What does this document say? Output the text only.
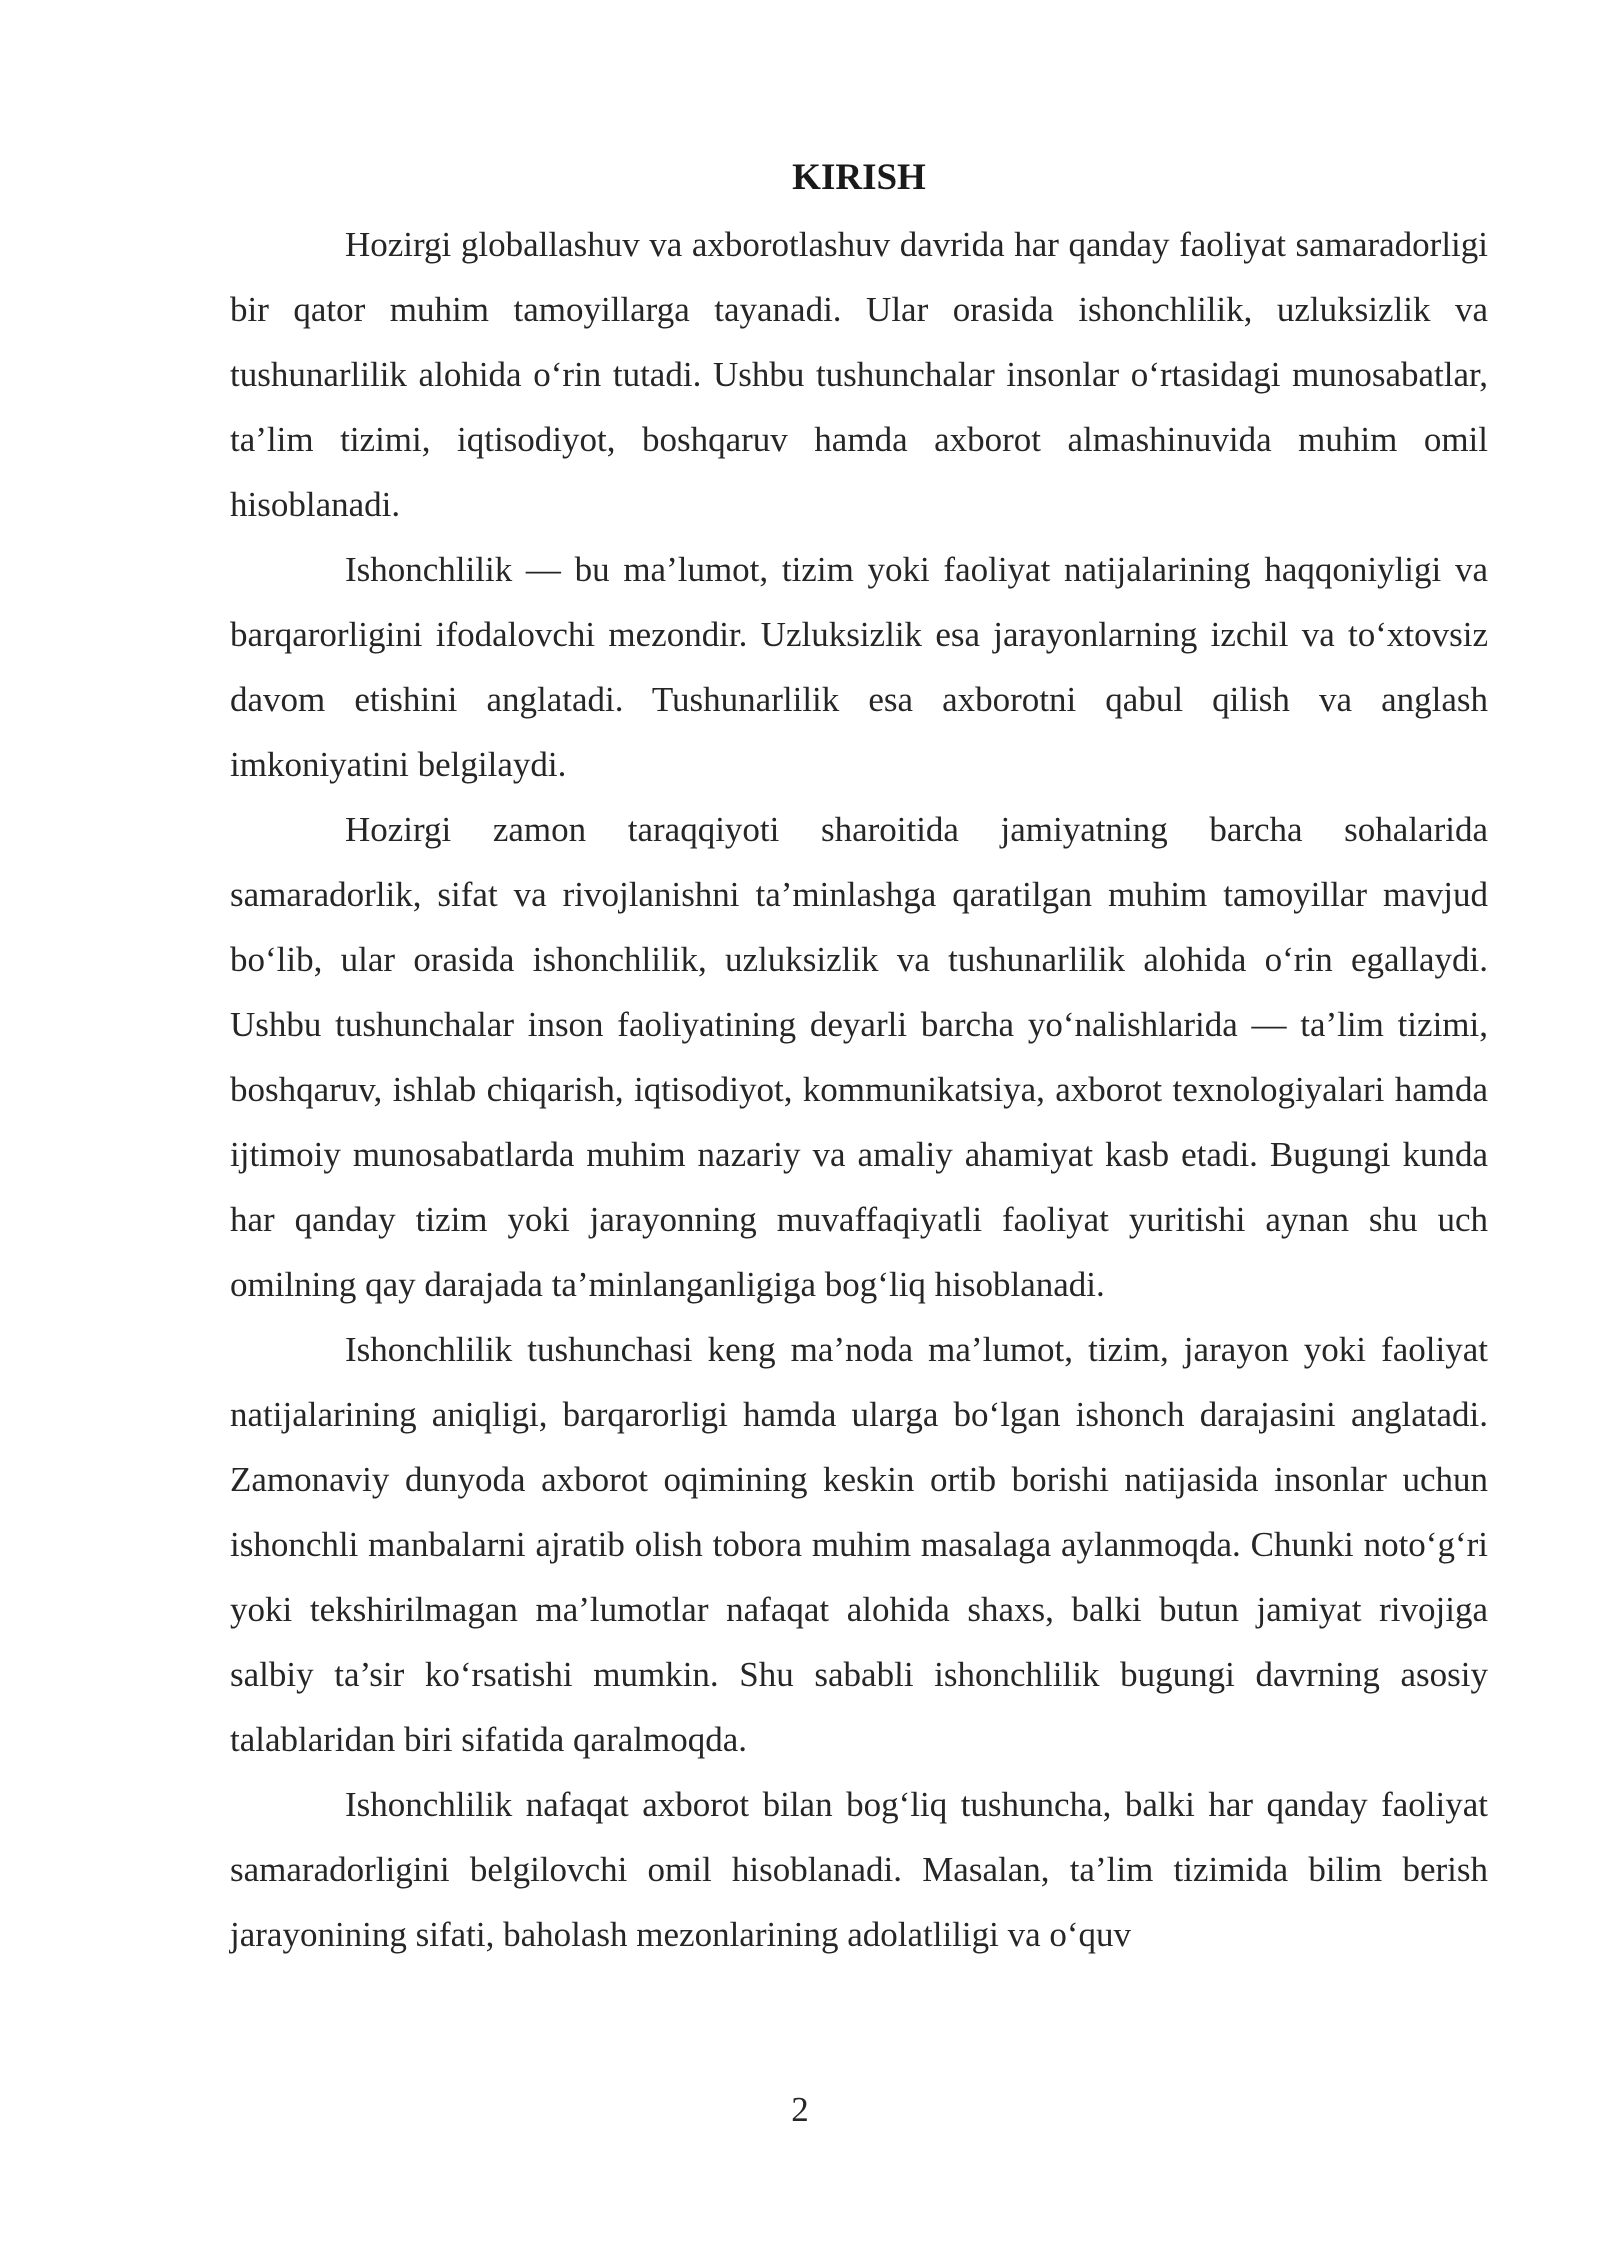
KIRISH

Hozirgi globallashuv va axborotlashuv davrida har qanday faoliyat samaradorligi bir qator muhim tamoyillarga tayanadi. Ular orasida ishonchlilik, uzluksizlik va tushunarlilik alohida o‘rin tutadi. Ushbu tushunchalar insonlar o‘rtasidagi munosabatlar, ta’lim tizimi, iqtisodiyot, boshqaruv hamda axborot almashinuvida muhim omil hisoblanadi.

Ishonchlilik — bu ma’lumot, tizim yoki faoliyat natijalarining haqqoniyligi va barqarorligini ifodalovchi mezondir. Uzluksizlik esa jarayonlarning izchil va to‘xtovsiz davom etishini anglatadi. Tushunarlilik esa axborotni qabul qilish va anglash imkoniyatini belgilaydi.

Hozirgi zamon taraqqiyoti sharoitida jamiyatning barcha sohalarida samaradorlik, sifat va rivojlanishni ta’minlashga qaratilgan muhim tamoyillar mavjud bo‘lib, ular orasida ishonchlilik, uzluksizlik va tushunarlilik alohida o‘rin egallaydi. Ushbu tushunchalar inson faoliyatining deyarli barcha yo‘nalishlarida — ta’lim tizimi, boshqaruv, ishlab chiqarish, iqtisodiyot, kommunikatsiya, axborot texnologiyalari hamda ijtimoiy munosabatlarda muhim nazariy va amaliy ahamiyat kasb etadi. Bugungi kunda har qanday tizim yoki jarayonning muvaffaqiyatli faoliyat yuritishi aynan shu uch omilning qay darajada ta’minlanganligiga bog‘liq hisoblanadi.

Ishonchlilik tushunchasi keng ma’noda ma’lumot, tizim, jarayon yoki faoliyat natijalarining aniqligi, barqarorligi hamda ularga bo‘lgan ishonch darajasini anglatadi. Zamonaviy dunyoda axborot oqimining keskin ortib borishi natijasida insonlar uchun ishonchli manbalarni ajratib olish tobora muhim masalaga aylanmoqda. Chunki noto‘g‘ri yoki tekshirilmagan ma’lumotlar nafaqat alohida shaxs, balki butun jamiyat rivojiga salbiy ta’sir ko‘rsatishi mumkin. Shu sababli ishonchlilik bugungi davrning asosiy talablaridan biri sifatida qaralmoqda.

Ishonchlilik nafaqat axborot bilan bog‘liq tushuncha, balki har qanday faoliyat samaradorligini belgilovchi omil hisoblanadi. Masalan, ta’lim tizimida bilim berish jarayonining sifati, baholash mezonlarining adolatliligi va o‘quv

2
